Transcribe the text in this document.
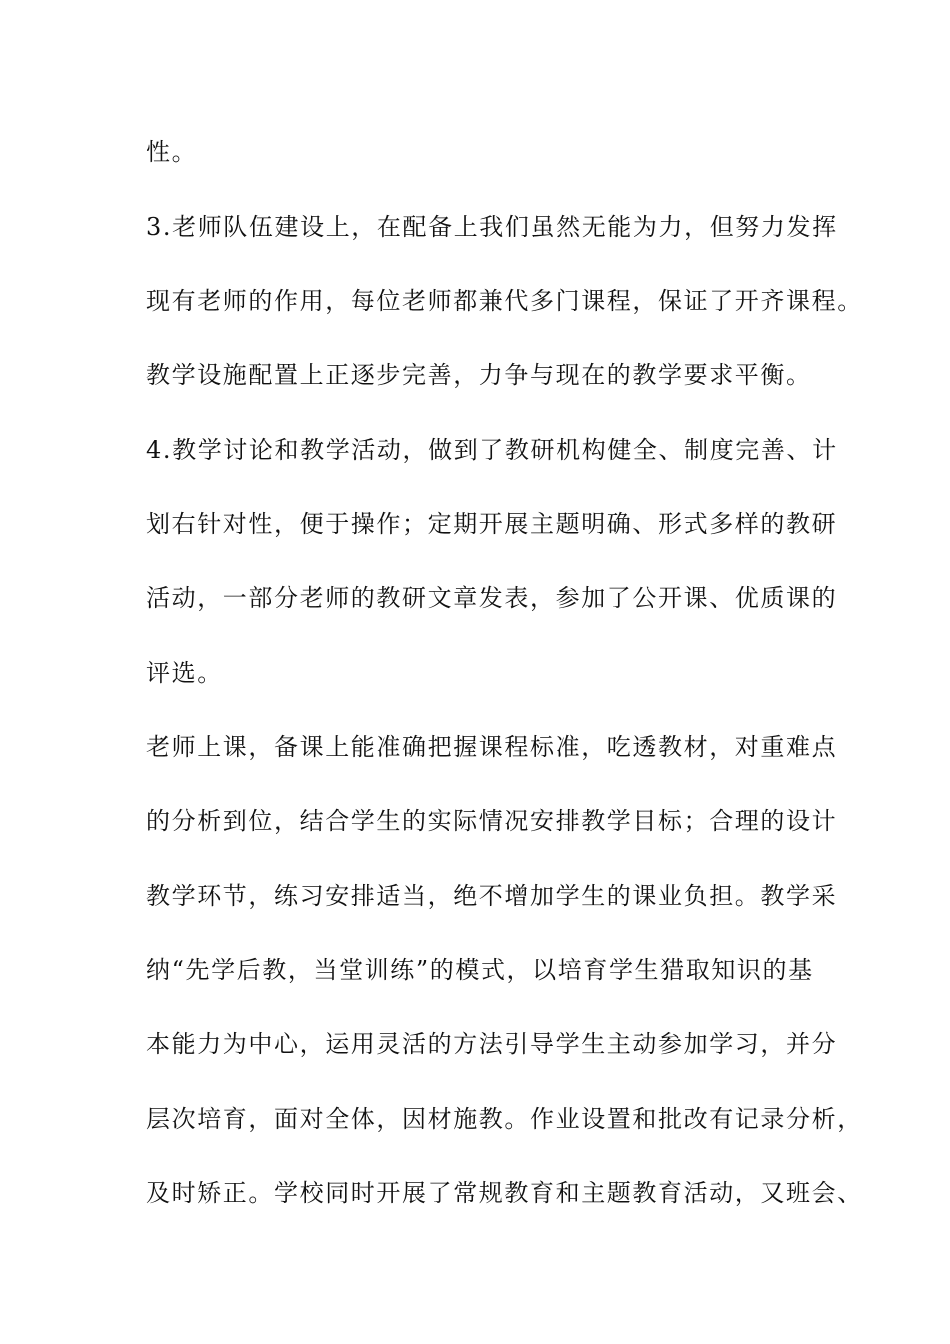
性。

3.老师队伍建设上，在配备上我们虽然无能为力，但努力发挥

现有老师的作用，每位老师都兼代多门课程，保证了开齐课程。

教学设施配置上正逐步完善，力争与现在的教学要求平衡。

4.教学讨论和教学活动，做到了教研机构健全、制度完善、计

划右针对性，便于操作；定期开展主题明确、形式多样的教研

活动，一部分老师的教研文章发表，参加了公开课、优质课的

评选。

老师上课，备课上能准确把握课程标准，吃透教材，对重难点

的分析到位，结合学生的实际情况安排教学目标；合理的设计

教学环节，练习安排适当，绝不增加学生的课业负担。教学采

纳“先学后教，当堂训练”的模式，以培育学生猎取知识的基

本能力为中心，运用灵活的方法引导学生主动参加学习，并分

层次培育，面对全体，因材施教。作业设置和批改有记录分析，

及时矫正。学校同时开展了常规教育和主题教育活动，又班会、
